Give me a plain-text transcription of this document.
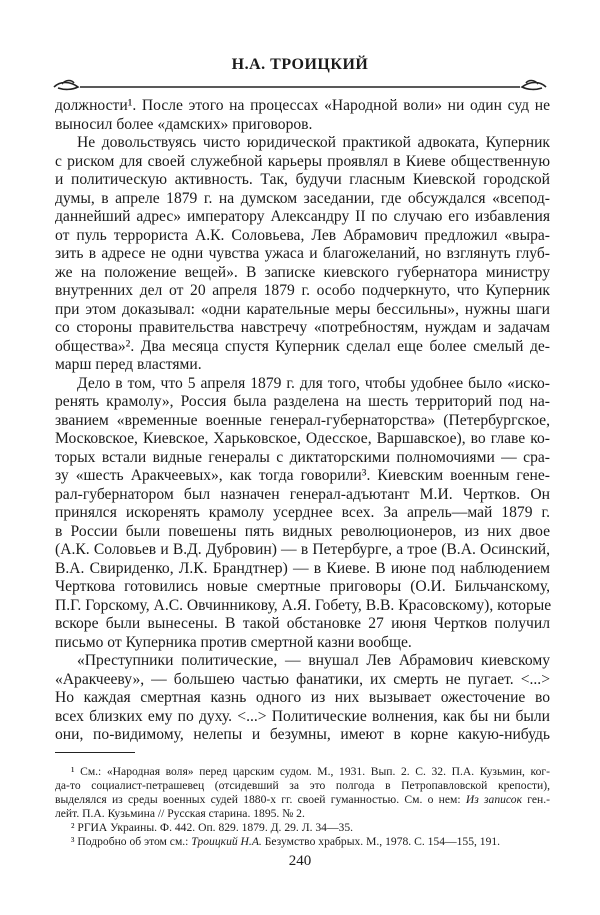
Н.А. ТРОИЦКИЙ
должности¹. После этого на процессах «Народной воли» ни один суд не
выносил более «дамских» приговоров.
Не довольствуясь чисто юридической практикой адвоката, Куперник
с риском для своей служебной карьеры проявлял в Киеве общественную
и политическую активность. Так, будучи гласным Киевской городской
думы, в апреле 1879 г. на думском заседании, где обсуждался «всепод-
даннейший адрес» императору Александру II по случаю его избавления
от пуль террориста А.К. Соловьева, Лев Абрамович предложил «выра-
зить в адресе не одни чувства ужаса и благожеланий, но взглянуть глуб-
же на положение вещей». В записке киевского губернатора министру
внутренних дел от 20 апреля 1879 г. особо подчеркнуто, что Куперник
при этом доказывал: «одни карательные меры бессильны», нужны шаги
со стороны правительства навстречу «потребностям, нуждам и задачам
общества»². Два месяца спустя Куперник сделал еще более смелый де-
марш перед властями.
Дело в том, что 5 апреля 1879 г. для того, чтобы удобнее было «иско-
ренять крамолу», Россия была разделена на шесть территорий под на-
званием «временные военные генерал-губернаторства» (Петербургское,
Московское, Киевское, Харьковское, Одесское, Варшавское), во главе ко-
торых встали видные генералы с диктаторскими полномочиями — сра-
зу «шесть Аракчеевых», как тогда говорили³. Киевским военным гене-
рал-губернатором был назначен генерал-адъютант М.И. Чертков. Он
принялся искоренять крамолу усерднее всех. За апрель—май 1879 г.
в России были повешены пять видных революционеров, из них двое
(А.К. Соловьев и В.Д. Дубровин) — в Петербурге, а трое (В.А. Осинский,
В.А. Свириденко, Л.К. Брандтнер) — в Киеве. В июне под наблюдением
Черткова готовились новые смертные приговоры (О.И. Бильчанскому,
П.Г. Горскому, А.С. Овчинникову, А.Я. Гобету, В.В. Красовскому), которые
вскоре были вынесены. В такой обстановке 27 июня Чертков получил
письмо от Куперника против смертной казни вообще.
«Преступники политические, — внушал Лев Абрамович киевскому
«Аракчееву», — большею частью фанатики, их смерть не пугает. <...>
Но каждая смертная казнь одного из них вызывает ожесточение во
всех близких ему по духу. <...> Политические волнения, как бы ни были
они, по-видимому, нелепы и безумны, имеют в корне какую-нибудь
¹ См.: «Народная воля» перед царским судом. М., 1931. Вып. 2. С. 32. П.А. Кузьмин, ког-
да-то социалист-петрашевец (отсидевший за это полгода в Петропавловской крепости),
выделялся из среды военных судей 1880-х гг. своей гуманностью. См. о нем: Из записок ген.-
лейт. П.А. Кузьмина // Русская старина. 1895. № 2.
² РГИА Украины. Ф. 442. Оп. 829. 1879. Д. 29. Л. 34—35.
³ Подробно об этом см.: Троицкий Н.А. Безумство храбрых. М., 1978. С. 154—155, 191.
240
